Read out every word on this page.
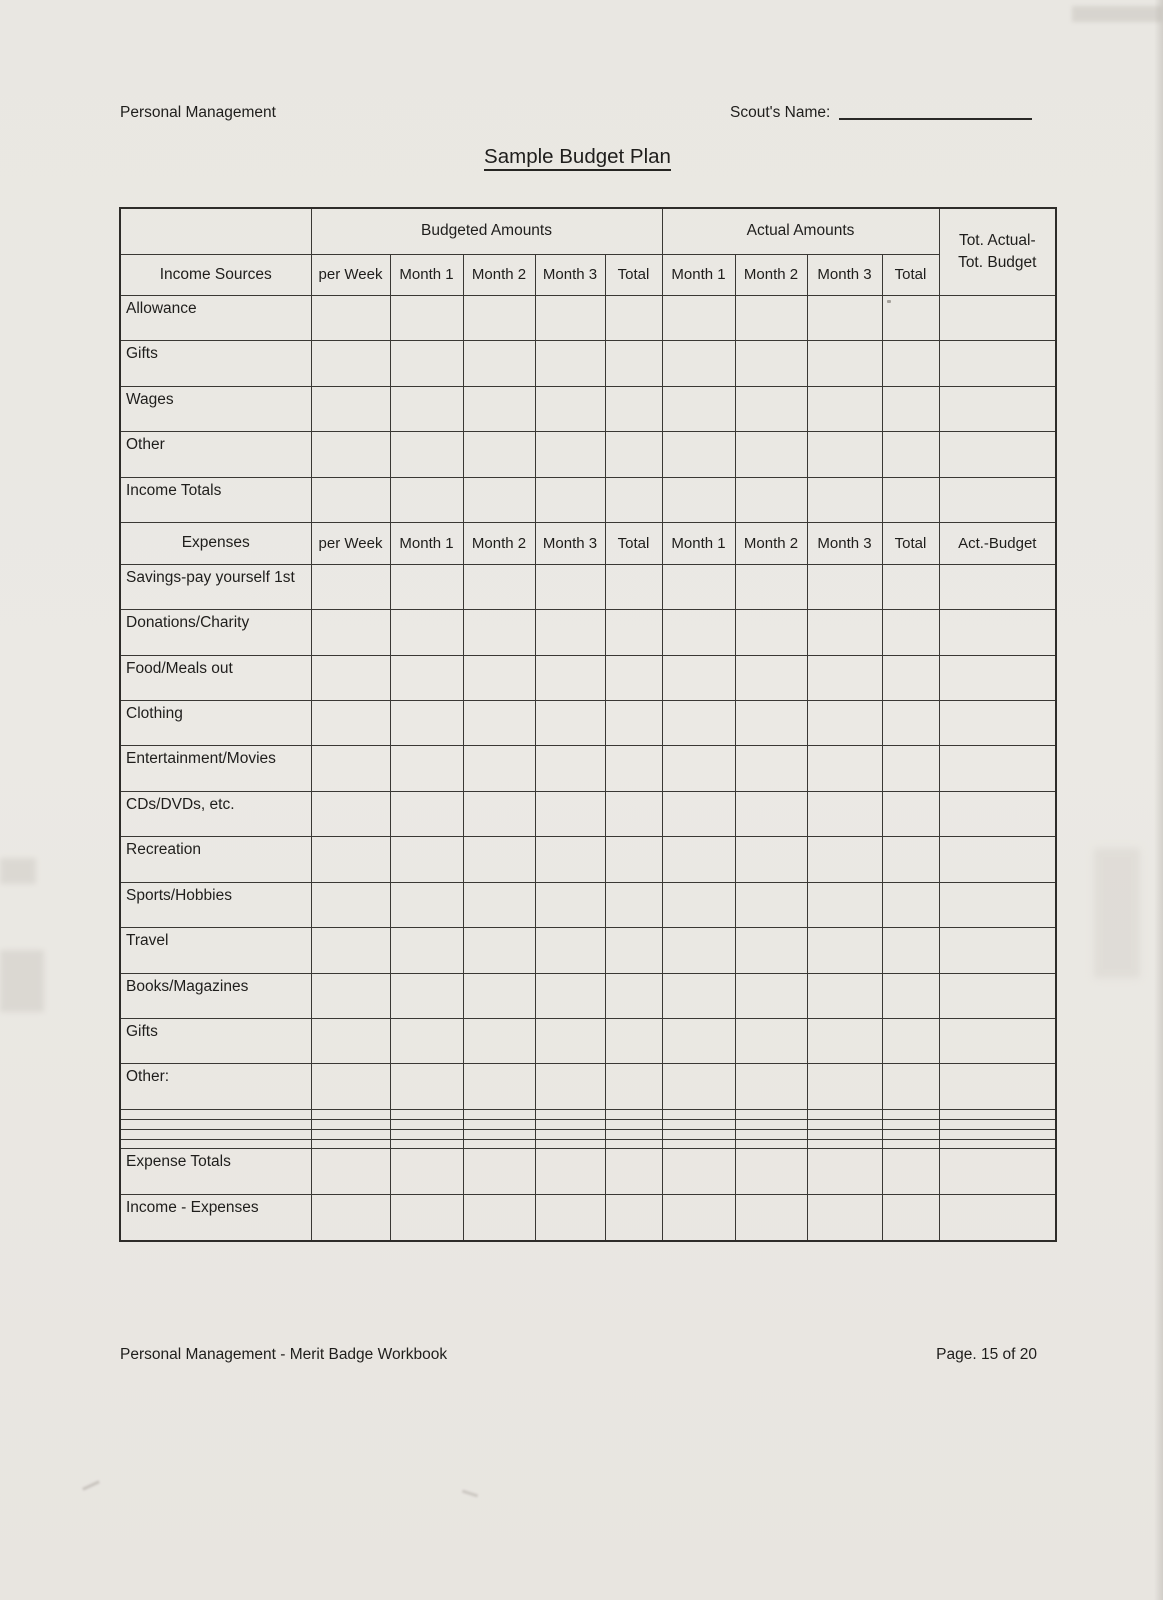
Personal Management	Scout's Name:
Sample Budget Plan
	Budgeted Amounts					Actual Amounts				Tot. Actual-
Tot. Budget

Income Sources	per Week	Month 1	Month 2	Month 3	Total	Month 1	Month 2	Month 3	Total	
Allowance										
Gifts										
Wages										
Other										
Income Totals										
Expenses	per Week	Month 1	Month 2	Month 3	Total	Month 1	Month 2	Month 3	Total	Act.-Budget
Savings-pay yourself 1st										
Donations/Charity										
Food/Meals out										
Clothing										
Entertainment/Movies										
CDs/DVDs, etc.										
Recreation										
Sports/Hobbies										
Travel										
Books/Magazines										
Gifts										
Other:										

Expense Totals										
Income - Expenses										
Personal Management - Merit Badge Workbook	Page. 15 of 20
